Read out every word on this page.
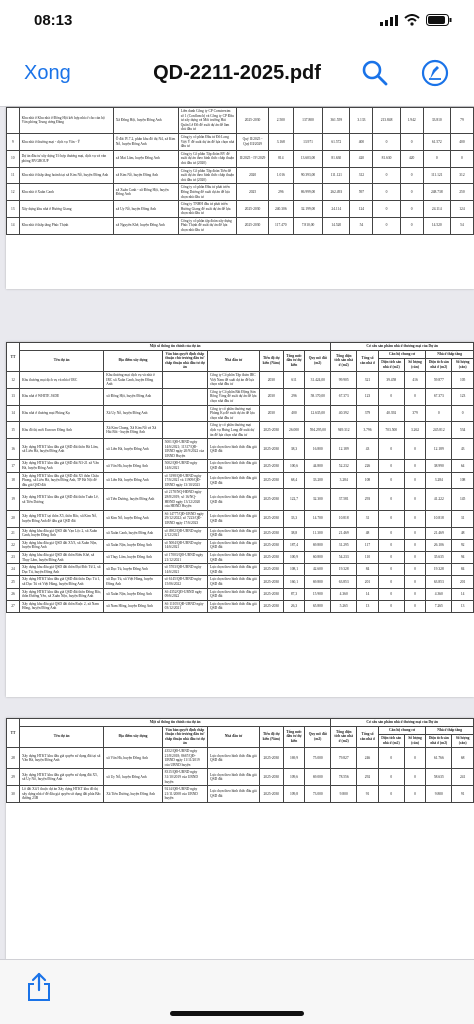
08:13
Xong	QD-2211-2025.pdf
	Khu nhà ở Khu nhà ở Đông Hội kết hợp nhà ở cho cán bộ Văn phòng Trung ương Đảng	Xã Đông Hội, huyện Đông Anh	Liên danh Công ty CP Constrexim số 1 (Conflonch) và Công ty CP Đầu tư xây dựng và Môi trường Hải Quân Lê Đô để xuất dự án để làm chủ đầu tư	2025-2030	2.500	137.800	361.559	3.133	213.848	1.942	33.810	79
9	Khu nhà ở thương mại - dịch vụ Vân - Ý	Ô đất IV.7.2, phân khu đô thị N4, xã Kim Nỗ, huyện Đông Anh	Công ty cổ phần Đầu tư Đô Long Việt Ý để xuất dự án để lựa chọn nhà đầu tư	Quý II/2025 - Quý III/2029	3.168	13.971	61.572	400	0	0	61.572	400
10	Dự án đầu tư xây dựng Tổ hợp thương mại, dịch vụ và văn phòng BVGROUP	xã Mai Lâm, huyện Đông Anh	Công ty Cổ phần Tập đoàn BV để xuất dự án theo hình thức chấp thuận chủ đầu tư (2020)	II/2025 - IV/2029	814	13.603,00	81.630	420	81.630	420	0	0
11	Khu nhà ở thấp tầng hoành tại xã Kim Nỗ, huyện Đông Anh	xã Kim Nỗ, huyện Đông Anh	Công ty Cổ phần Tập đoàn Tiến để xuất dự án theo hình thức chấp thuận chủ đầu tư (2020)	2020	1.016	90.393,00	111.121	312	0	0	111.121	312
12	Khu nhà ở Xuân Canh	xã Xuân Canh - xã Đông Hội, huyện Đông Anh	Công ty cổ phần Đầu tư phát triển Đông Dương để xuất dự án để lựa chọn nhà đầu tư	2025	296	86.999,00	262.493	597	0	0	248.738	250
13	Xây dựng khu nhà ở Hương Giang	xã Uy Nỗ, huyện Đông Anh	Công ty TNHH đầu tư phát triển Hương Giang để xuất dự án để lựa chọn nhà đầu tư	2025-2030	240.306	32.199,00	24.114	124	0	0	24.114	124
14	Khu nhà ở thấp tầng Phúc Thịnh	xã Nguyên Khê, huyện Đông Anh	Công ty cổ phần tập đoàn xây dựng Phúc Thịnh để xuất dự án để lựa chọn nhà đầu tư	2025-2030	117.470	7.810,00	14.520	54	0	0	14.520	54
TT	Một số thông tin chính của dự án							Cơ cấu sản phẩm nhà ở thương mại của Dự án					
	Tên dự án	Địa điểm xây dựng	Văn bản quyết định chấp thuận chủ trương đầu tư/ chấp thuận nhà đầu tư dự án	Nhà đầu tư	Tiến độ dự kiến (Năm)	Tổng mức đầu tư dự kiến	Quy mô đất (m2)	Tổng diện tích sàn nhà ở (m2)	Tổng số căn nhà ở	Căn hộ chung cư		Nhà ở thấp tầng	
										Diện tích sàn nhà ở (m2)	Số lượng (căn)	Diện tích sàn nhà ở (m2)	Số lượng (căn)
12	Khu thương mại dịch vụ và nhà ở IRC	Khu thương mại dịch vụ và nhà ở IRC xã Xuân Canh, huyện Đông Anh		Công ty Cổ phần Tập đoàn IRC Việt Nam để xuất dự án để lựa chọn nhà đầu tư	2030	611	31.424,00	99.905	321	39.458	416	59.877	105
13	Khu nhà ở WHITE JADE	xã Đông Hội, huyện Đông Anh		Công ty Cổ phần Bất Động Sản Rồng Vàng để xuất dự án để lựa chọn nhà đầu tư	2030	296	58.170,00	67.373	123	0	0	67.373	123
14	Khu nhà ở thương mại Phùng Kụ	Xã Uy Nỗ, huyện Đông Anh		Công ty cổ phần thương mại Phùng Kụ để xuất dự án để lựa chọn nhà đầu tư	2030	400	12.635,00	40.392	379	40.392	379	0	0
15	Khu đô thị mới Eurowo Đông Anh	Xã Kim Chung, Xã Kim Nỗ và Xã Hải Bối - huyện Đông Anh		Công ty cổ phần thương mại dịch vụ Hưng Long để xuất dự án để lựa chọn nhà đầu tư	2025-2030	26.000	594.295,00	949.312	3.796	703.500	3.262	245.812	534
16	Xây dựng HTKT khu đấu giá QSD đất thôn Hà Lâm, xã Liên Hà, huyện Đông Anh	xã Liên Hà, huyện Đông Anh	5001/QĐ-UBND ngày 14/6/2021; 11317/QĐ-UBND ngày 20/9/2022 của UBND Huyện	Lựa chọn theo hình thức đấu giá QSD đất	2025-2030	38,3	16.800	12.189	43	0	0	12.189	43
17	Xây dựng HTKT khu đấu giá QSD đất N3-21 xã Vân Hà, huyện Đông Anh	xã Vân Hà, huyện Đông Anh	5002/QĐ-UBND ngày 14/6/2021	Lựa chọn theo hình thức đấu giá QSD đất	2025-2030	100,6	44.800	52.232	226	0	0	38.990	64
18	Xây dựng HTKT khu đấu giá QSD đất X5 thôn Châu Phong, xã Liên Hà, huyện Đông Anh, TP Hà Nội để đấu giá QSD đất	xã Liên Hà, huyện Đông Anh	số 3198/QĐ-UBND ngày 17/6/2021 và 11909/QĐ-UBND ngày 13/10/2023	Lựa chọn theo hình thức đấu giá QSD đất	2025-2030	68,4	33.200	3.284	108	0	0	3.284	108
19	Xây dựng HTKT khu đấu giá QSD đất thôn Tuấn Lê, xã Tiên Dương	xã Tiên Dương, huyện Đông Anh	số 2178/NQ-HĐND ngày 28/8/2019; số 16/NQ-HĐND ngày 13/12/2020 của HĐND Huyện	Lựa chọn theo hình thức đấu giá QSD đất	2025-2030	122,7	32.300	37.581	293	0	0	41.222	145
20	Xây dựng HTKT tại thôn X5, thôn Bắc, xã Kim Nỗ, huyện Đông Anh để đấu giá QSD đất	xã Kim Nỗ, huyện Đông Anh	Số 14777/QĐ-UBND ngày 29/12/2022; số 7223/QĐ-UBND ngày 17/6/2023	Lựa chọn theo hình thức đấu giá QSD đất	2025-2030	33,3	14.700	10.818	31	0	0	10.818	31
21	Xây dựng khu đấu giá QSD đất Vạn Lộc 2, xã Xuân Canh, huyện Đông Anh	xã Xuân Canh, huyện Đông Anh	số 4902/QĐ-UBND ngày 2/12/2021	Lựa chọn theo hình thức đấu giá QSD đất	2025-2030	38,8	11.300	21.469	48	0	0	21.469	48
22	Xây dựng khu đấu giá QSD đất X5/3, xã Xuân Nộn, huyện Đông Anh	xã Xuân Nộn, huyện Đông Anh	số 5004/QĐ-UBND ngày 14/6/2021	Lựa chọn theo hình thức đấu giá QSD đất	2025-2030	187,4	69.800	31.295	117	0	0	26.106	92
23	Xây dựng khu đấu giá QSD đất thôn Biểu Khê, xã Thụy Lâm, huyện Đông Anh	xã Thụy Lâm, huyện Đông Anh	số 17003/QĐ-UBND ngày 21/12/2021	Lựa chọn theo hình thức đấu giá QSD đất	2025-2030	100,9	60.800	54.233	110	0	0	35.635	94
24	Xây dựng khu đấu giá QSD đất thôn Đại Đức Tứ 2, xã Dục Tú, huyện Đông Anh	xã Dục Tú, huyện Đông Anh	số 5703/QĐ-UBND ngày 14/6/2021	Lựa chọn theo hình thức đấu giá QSD đất	2025-2030	108,1	42.600	19.328	84	0	0	19.328	84
25	Xây dựng HTKT khu đấu giá QSD đất thôn Dục Tú 1, xã Dục Tú và Việt Hùng, huyện Đông Anh	xã Dục Tú, xã Việt Hùng, huyện Đông Anh	số 6145/QĐ-UBND ngày 15/06/2022	Lựa chọn theo hình thức đấu giá QSD đất	2025-2030	160,1	69.800	63.853	201	0	0	63.853	201
26	Xây dựng HTKT khu đấu giá QSD đất thôn Đông Bắc, thôn Đường Yên, xã Xuân Nộn, huyện Đông Anh	xã Xuân Nộn, huyện Đông Anh	Số 4352/QĐ-UBND ngày 09/6/2022	Lựa chọn theo hình thức đấu giá QSD đất	2025-2030	87,3	15.900	4.360	14	0	0	4.360	14
27	Xây dựng khu đấu giá QSD đất thôn Ruộc 2, xã Nam Hồng, huyện Đông Anh	xã Nam Hồng, huyện Đông Anh	Số 11105/QĐ-UBND ngày 03/12/2021	Lựa chọn theo hình thức đấu giá QSD đất	2025-2030	26,3	65.800	5.265	13	0	0	7.265	13
TT	Một số thông tin chính của dự án							Cơ cấu sản phẩm nhà ở thương mại của Dự án					
	Tên dự án	Địa điểm xây dựng	Văn bản quyết định chấp thuận chủ trương đầu tư/ chấp thuận nhà đầu tư dự án	Nhà đầu tư	Tiến độ dự kiến (Năm)	Tổng mức đầu tư dự kiến	Quy mô đất (m2)	Tổng diện tích sàn nhà ở (m2)	Tổng số căn nhà ở	Căn hộ chung cư		Nhà ở thấp tầng	
										Diện tích sàn nhà ở (m2)	Số lượng (căn)	Diện tích sàn nhà ở (m2)	Số lượng (căn)
28	Xây dựng HTKT khu đấu giá quyền sử dụng đất tại xã Vân Hà, huyện Đông Anh	xã Vân Hà, huyện Đông Anh	4352/QĐ-UBND ngày 21/8/2018; 8667/QĐ-UBND ngày 11/11/2019 của UBND huyện	Lựa chọn theo hình thức đấu giá QSD đất	2025-2030	169,9	75.000	79.827	246	0	0	61.766	68
29	Xây dựng HTKT khu đấu giá quyền sử dụng đất X5, xã Uy Nỗ, huyện Đông Anh	xã Uy Nỗ, huyện Đông Anh	8315/QĐ-UBND ngày 31/10/2019 của UBND huyện	Lựa chọn theo hình thức đấu giá QSD đất	2025-2030	109,6	69.000	78.556	292	0	0	58.635	241
30	Lô đất X4/1 thuộc dự án Xây dựng HTKT khu đô thị xây dựng nhà ở để đấu giá quyền sử dụng đất phía Bắc đường 23B	Xã Tiên Dương, huyện Đông Anh	9214/QĐ-UBND ngày 21/11/2008 của UBND huyện	Lựa chọn theo hình thức đấu giá QSD đất	2025-2030	109,8	73.000	9.800	91	0	0	9.800	91
